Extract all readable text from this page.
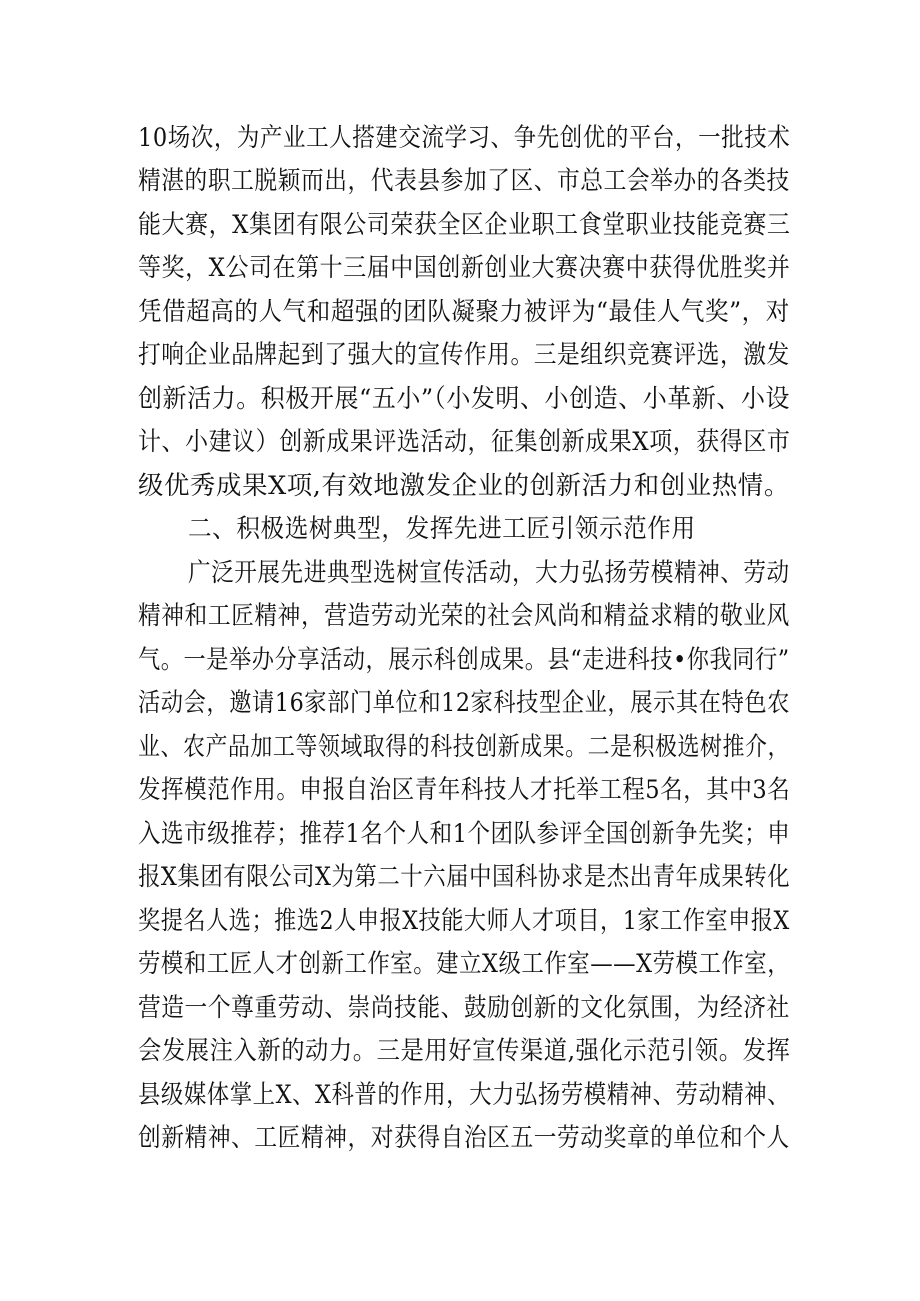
10场次，为产业工人搭建交流学习、争先创优的平台，一批技术
精湛的职工脱颖而出，代表县参加了区、市总工会举办的各类技
能大赛，X集团有限公司荣获全区企业职工食堂职业技能竞赛三
等奖，X公司在第十三届中国创新创业大赛决赛中获得优胜奖并
凭借超高的人气和超强的团队凝聚力被评为“最佳人气奖”，对
打响企业品牌起到了强大的宣传作用。三是组织竞赛评选，激发
创新活力。积极开展“五小”（小发明、小创造、小革新、小设
计、小建议）创新成果评选活动，征集创新成果X项，获得区市
级优秀成果X项,有效地激发企业的创新活力和创业热情。
二、积极选树典型，发挥先进工匠引领示范作用
广泛开展先进典型选树宣传活动，大力弘扬劳模精神、劳动
精神和工匠精神，营造劳动光荣的社会风尚和精益求精的敬业风
气。一是举办分享活动，展示科创成果。县“走进科技•你我同行”
活动会，邀请16家部门单位和12家科技型企业，展示其在特色农
业、农产品加工等领域取得的科技创新成果。二是积极选树推介，
发挥模范作用。申报自治区青年科技人才托举工程5名，其中3名
入选市级推荐；推荐1名个人和1个团队参评全国创新争先奖；申
报X集团有限公司X为第二十六届中国科协求是杰出青年成果转化
奖提名人选；推选2人申报X技能大师人才项目，1家工作室申报X
劳模和工匠人才创新工作室。建立X级工作室——X劳模工作室，
营造一个尊重劳动、崇尚技能、鼓励创新的文化氛围，为经济社
会发展注入新的动力。三是用好宣传渠道,强化示范引领。发挥
县级媒体掌上X、X科普的作用，大力弘扬劳模精神、劳动精神、
创新精神、工匠精神，对获得自治区五一劳动奖章的单位和个人
